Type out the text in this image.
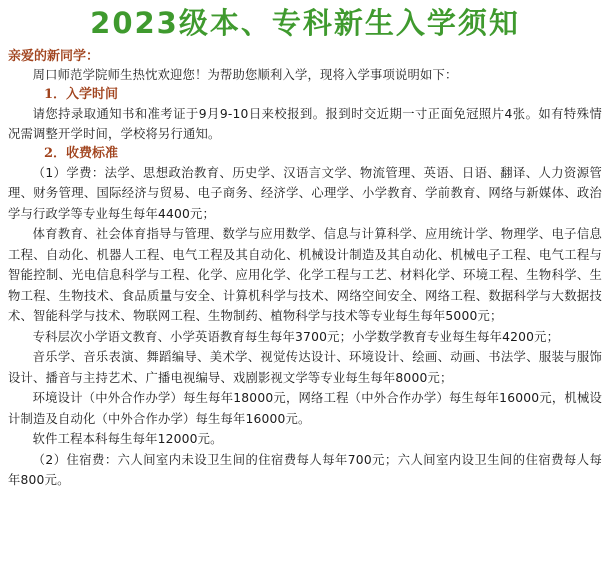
2023级本、专科新生入学须知
亲爱的新同学：

周口师范学院师生热忱欢迎您！为帮助您顺利入学，现将入学事项说明如下：

1．入学时间

请您持录取通知书和准考证于9月9-10日来校报到。报到时交近期一寸正面免冠照片4张。如有特殊情况需调整开学时间，学校将另行通知。

2．收费标准

（1）学费：法学、思想政治教育、历史学、汉语言文学、物流管理、英语、日语、翻译、人力资源管理、财务管理、国际经济与贸易、电子商务、经济学、心理学、小学教育、学前教育、网络与新媒体、政治学与行政学等专业每生每年4400元；

体育教育、社会体育指导与管理、数学与应用数学、信息与计算科学、应用统计学、物理学、电子信息工程、自动化、机器人工程、电气工程及其自动化、机械设计制造及其自动化、机械电子工程、电气工程与智能控制、光电信息科学与工程、化学、应用化学、化学工程与工艺、材料化学、环境工程、生物科学、生物工程、生物技术、食品质量与安全、计算机科学与技术、网络空间安全、网络工程、数据科学与大数据技术、智能科学与技术、物联网工程、生物制药、植物科学与技术等专业每生每年5000元；

专科层次小学语文教育、小学英语教育每生每年3700元；小学数学教育专业每生每年4200元；

音乐学、音乐表演、舞蹈编导、美术学、视觉传达设计、环境设计、绘画、动画、书法学、服装与服饰设计、播音与主持艺术、广播电视编导、戏剧影视文学等专业每生每年8000元；

环境设计（中外合作办学）每生每年18000元，网络工程（中外合作办学）每生每年16000元，机械设计制造及自动化（中外合作办学）每生每年16000元。

软件工程本科每生每年12000元。

（2）住宿费：六人间室内未设卫生间的住宿费每人每年700元；六人间室内设卫生间的住宿费每人每年800元。
